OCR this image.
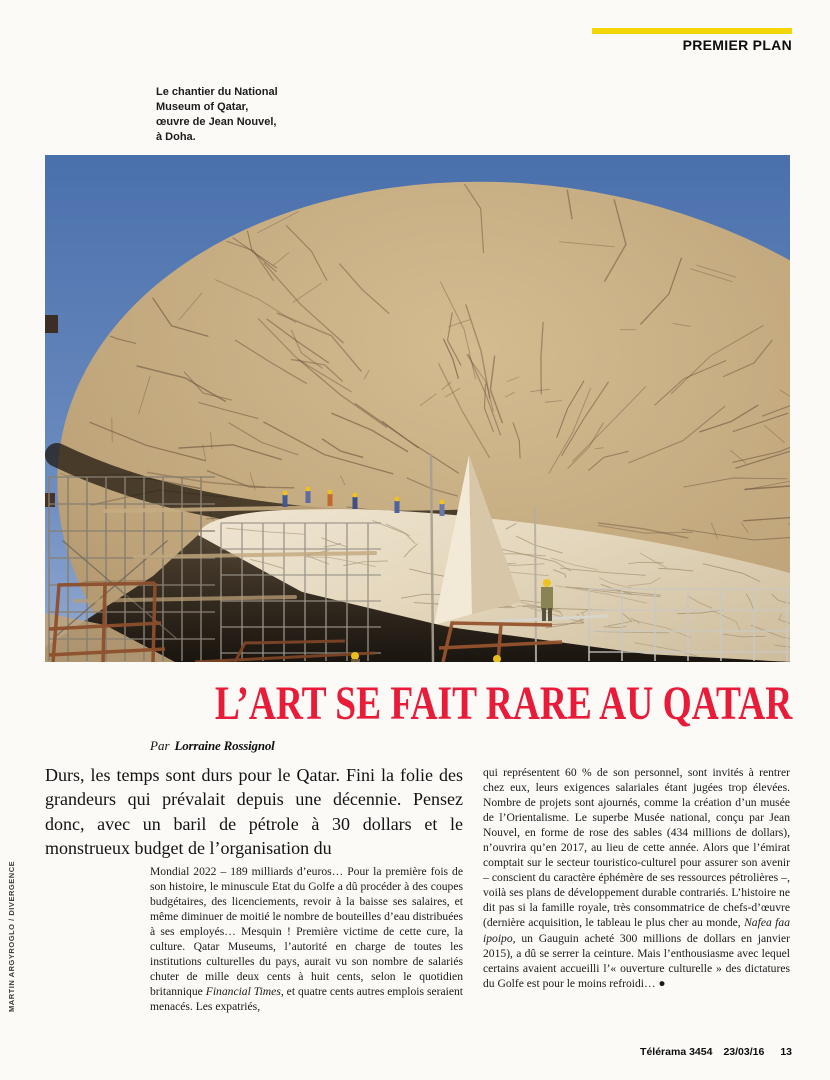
PREMIER PLAN
Le chantier du National Museum of Qatar, œuvre de Jean Nouvel, à Doha.
MARTIN ARGYROGLO / DIVERGENCE
L’ART SE FAIT RARE AU QATAR
Par Lorraine Rossignol

Durs, les temps sont durs pour le Qatar. Fini la folie des grandeurs qui prévalait depuis une décennie. Pensez donc, avec un baril de pétrole à 30 dollars et le monstrueux budget de l’organisation du

Mondial 2022 – 189 milliards d’euros… Pour la première fois de son histoire, le minuscule Etat du Golfe a dû procéder à des coupes budgétaires, des licenciements, revoir à la baisse ses salaires, et même diminuer de moitié le nombre de bouteilles d’eau distribuées à ses employés… Mesquin ! Première victime de cette cure, la culture. Qatar Museums, l’autorité en charge de toutes les institutions culturelles du pays, aurait vu son nombre de salariés chuter de mille deux cents à huit cents, selon le quotidien britannique Financial Times, et quatre cents autres emplois seraient menacés. Les expatriés,
qui représentent 60 % de son personnel, sont invités à rentrer chez eux, leurs exigences salariales étant jugées trop élevées. Nombre de projets sont ajournés, comme la création d’un musée de l’Orientalisme. Le superbe Musée national, conçu par Jean Nouvel, en forme de rose des sables (434 millions de dollars), n’ouvrira qu’en 2017, au lieu de cette année. Alors que l’émirat comptait sur le secteur touristico-culturel pour assurer son avenir – conscient du caractère éphémère de ses ressources pétrolières –, voilà ses plans de développement durable contrariés. L’histoire ne dit pas si la famille royale, très consommatrice de chefs-d’œuvre (dernière acquisition, le tableau le plus cher au monde, Nafea faa ipoipo, un Gauguin acheté 300 millions de dollars en janvier 2015), a dû se serrer la ceinture. Mais l’enthousiasme avec lequel certains avaient accueilli l’« ouverture culturelle » des dictatures du Golfe est pour le moins refroidi… ●
Télérama 3454 23/03/16 13
